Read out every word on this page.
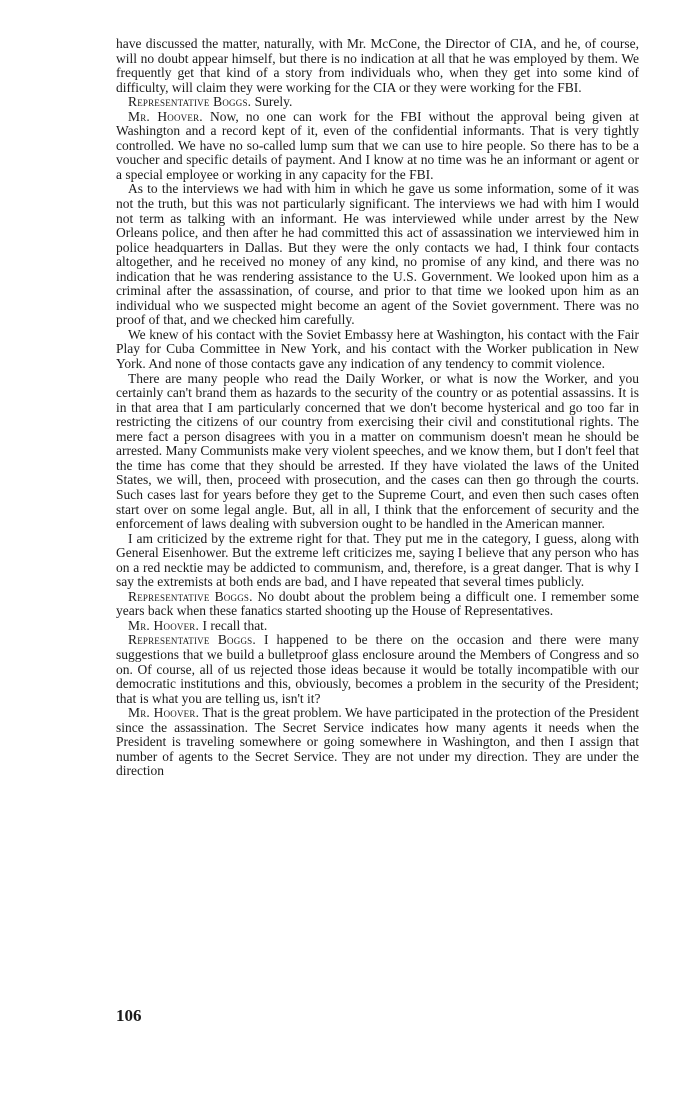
have discussed the matter, naturally, with Mr. McCone, the Director of CIA, and he, of course, will no doubt appear himself, but there is no indication at all that he was employed by them. We frequently get that kind of a story from individuals who, when they get into some kind of difficulty, will claim they were working for the CIA or they were working for the FBI.

Representative Boggs. Surely.

Mr. Hoover. Now, no one can work for the FBI without the approval being given at Washington and a record kept of it, even of the confidential informants. That is very tightly controlled. We have no so-called lump sum that we can use to hire people. So there has to be a voucher and specific details of payment. And I know at no time was he an informant or agent or a special employee or working in any capacity for the FBI.

As to the interviews we had with him in which he gave us some information, some of it was not the truth, but this was not particularly significant. The interviews we had with him I would not term as talking with an informant. He was interviewed while under arrest by the New Orleans police, and then after he had committed this act of assassination we interviewed him in police headquarters in Dallas. But they were the only contacts we had, I think four contacts altogether, and he received no money of any kind, no promise of any kind, and there was no indication that he was rendering assistance to the U.S. Government. We looked upon him as a criminal after the assassination, of course, and prior to that time we looked upon him as an individual who we suspected might become an agent of the Soviet government. There was no proof of that, and we checked him carefully.

We knew of his contact with the Soviet Embassy here at Washington, his contact with the Fair Play for Cuba Committee in New York, and his contact with the Worker publication in New York. And none of those contacts gave any indication of any tendency to commit violence.

There are many people who read the Daily Worker, or what is now the Worker, and you certainly can't brand them as hazards to the security of the country or as potential assassins. It is in that area that I am particularly concerned that we don't become hysterical and go too far in restricting the citizens of our country from exercising their civil and constitutional rights. The mere fact a person disagrees with you in a matter on communism doesn't mean he should be arrested. Many Communists make very violent speeches, and we know them, but I don't feel that the time has come that they should be arrested. If they have violated the laws of the United States, we will, then, proceed with prosecution, and the cases can then go through the courts. Such cases last for years before they get to the Supreme Court, and even then such cases often start over on some legal angle. But, all in all, I think that the enforcement of security and the enforcement of laws dealing with subversion ought to be handled in the American manner.

I am criticized by the extreme right for that. They put me in the category, I guess, along with General Eisenhower. But the extreme left criticizes me, saying I believe that any person who has on a red necktie may be addicted to communism, and, therefore, is a great danger. That is why I say the extremists at both ends are bad, and I have repeated that several times publicly.

Representative Boggs. No doubt about the problem being a difficult one. I remember some years back when these fanatics started shooting up the House of Representatives.

Mr. Hoover. I recall that.

Representative Boggs. I happened to be there on the occasion and there were many suggestions that we build a bulletproof glass enclosure around the Members of Congress and so on. Of course, all of us rejected those ideas because it would be totally incompatible with our democratic institutions and this, obviously, becomes a problem in the security of the President; that is what you are telling us, isn't it?

Mr. Hoover. That is the great problem. We have participated in the protection of the President since the assassination. The Secret Service indicates how many agents it needs when the President is traveling somewhere or going somewhere in Washington, and then I assign that number of agents to the Secret Service. They are not under my direction. They are under the direction

106
